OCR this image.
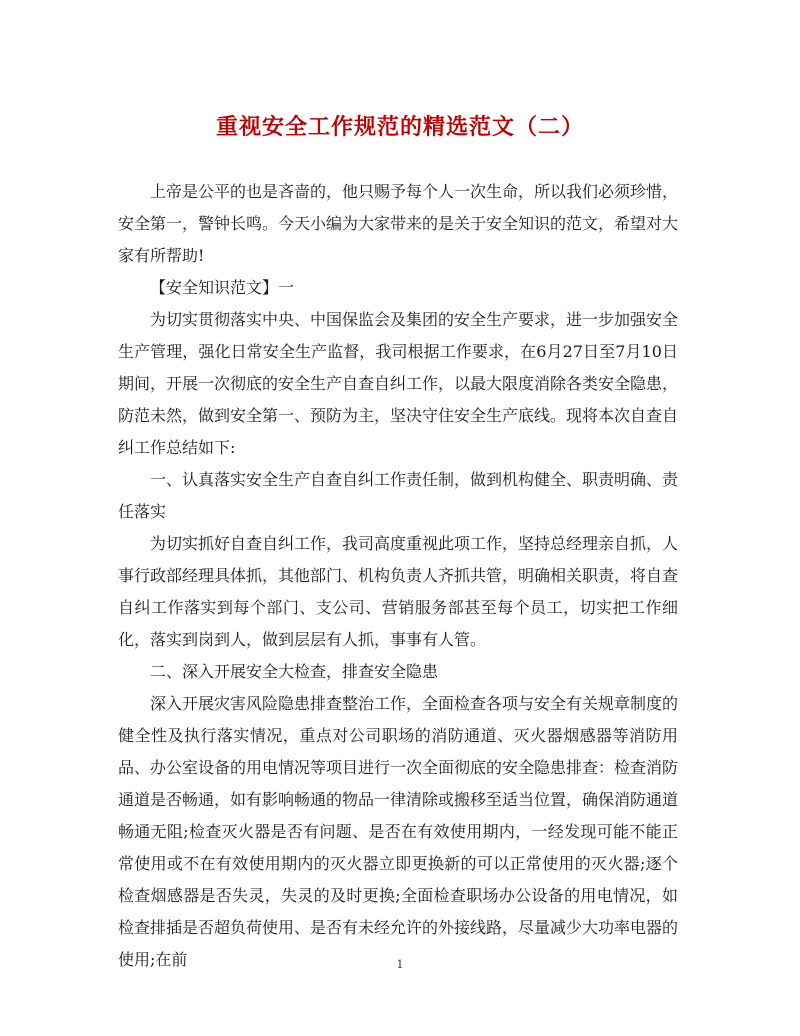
重视安全工作规范的精选范文（二）

上帝是公平的也是吝啬的，他只赐予每个人一次生命，所以我们必须珍惜，安全第一，警钟长鸣。今天小编为大家带来的是关于安全知识的范文，希望对大家有所帮助!

【安全知识范文】一

为切实贯彻落实中央、中国保监会及集团的安全生产要求，进一步加强安全生产管理，强化日常安全生产监督，我司根据工作要求，在6月27日至7月10日期间，开展一次彻底的安全生产自查自纠工作，以最大限度消除各类安全隐患，防范未然，做到安全第一、预防为主，坚决守住安全生产底线。现将本次自查自纠工作总结如下:

一、认真落实安全生产自查自纠工作责任制，做到机构健全、职责明确、责任落实

为切实抓好自查自纠工作，我司高度重视此项工作，坚持总经理亲自抓，人事行政部经理具体抓，其他部门、机构负责人齐抓共管，明确相关职责，将自查自纠工作落实到每个部门、支公司、营销服务部甚至每个员工，切实把工作细化，落实到岗到人，做到层层有人抓，事事有人管。

二、深入开展安全大检查，排查安全隐患

深入开展灾害风险隐患排查整治工作，全面检查各项与安全有关规章制度的健全性及执行落实情况，重点对公司职场的消防通道、灭火器烟感器等消防用品、办公室设备的用电情况等项目进行一次全面彻底的安全隐患排查：检查消防通道是否畅通，如有影响畅通的物品一律清除或搬移至适当位置，确保消防通道畅通无阻;检查灭火器是否有问题、是否在有效使用期内，一经发现可能不能正常使用或不在有效使用期内的灭火器立即更换新的可以正常使用的灭火器;逐个检查烟感器是否失灵，失灵的及时更换;全面检查职场办公设备的用电情况，如检查排插是否超负荷使用、是否有未经允许的外接线路，尽量减少大功率电器的使用;在前	1
